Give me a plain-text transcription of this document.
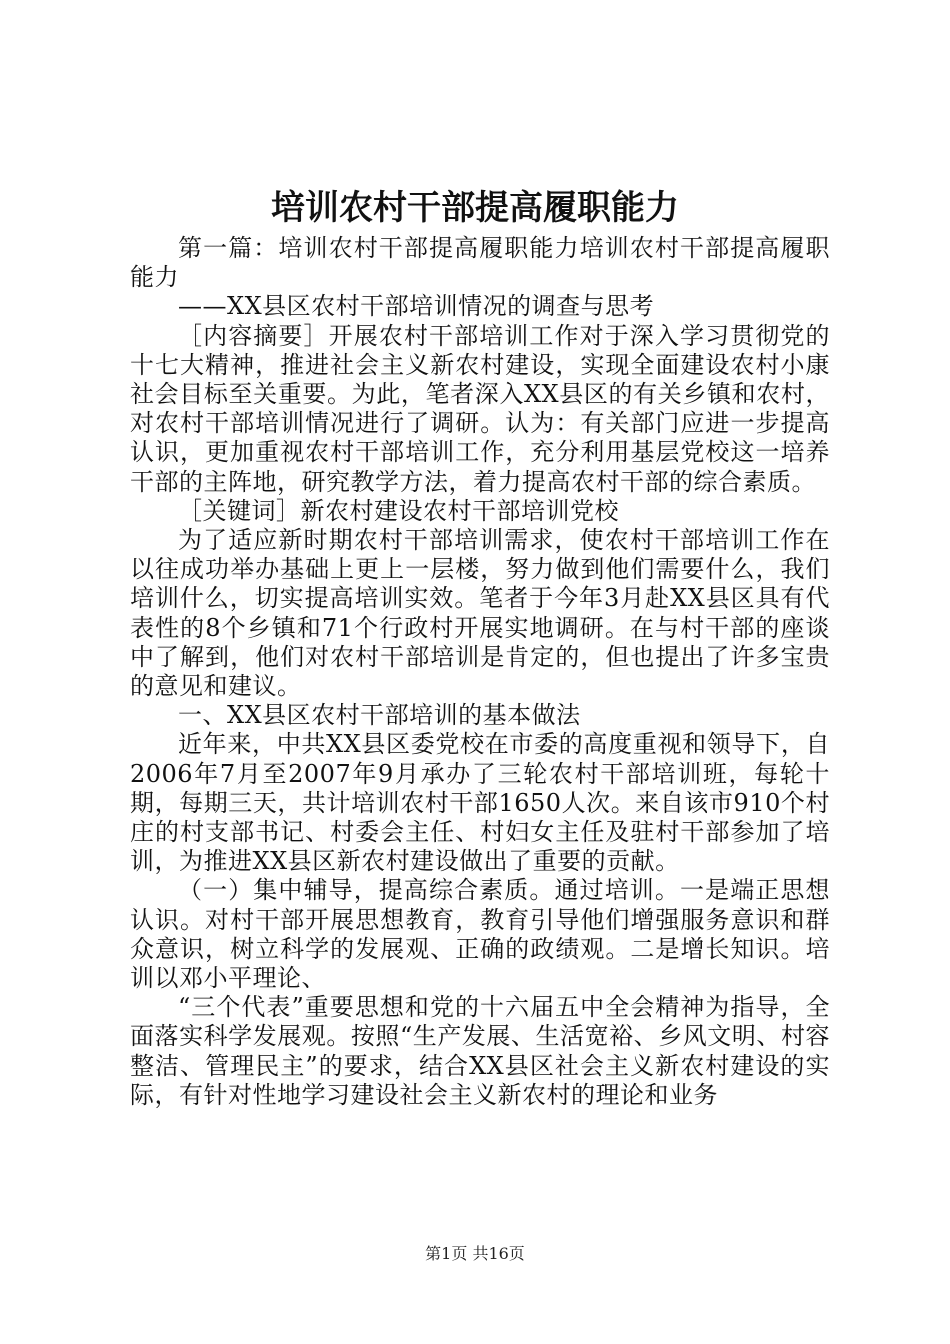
培训农村干部提高履职能力

第一篇：培训农村干部提高履职能力培训农村干部提高履职能力

——XX县区农村干部培训情况的调查与思考

［内容摘要］开展农村干部培训工作对于深入学习贯彻党的十七大精神，推进社会主义新农村建设，实现全面建设农村小康社会目标至关重要。为此，笔者深入XX县区的有关乡镇和农村，对农村干部培训情况进行了调研。认为：有关部门应进一步提高认识，更加重视农村干部培训工作，充分利用基层党校这一培养干部的主阵地，研究教学方法，着力提高农村干部的综合素质。

［关键词］新农村建设农村干部培训党校

为了适应新时期农村干部培训需求，使农村干部培训工作在以往成功举办基础上更上一层楼，努力做到他们需要什么，我们培训什么，切实提高培训实效。笔者于今年3月赴XX县区具有代表性的8个乡镇和71个行政村开展实地调研。在与村干部的座谈中了解到，他们对农村干部培训是肯定的，但也提出了许多宝贵的意见和建议。

一、XX县区农村干部培训的基本做法

近年来，中共XX县区委党校在市委的高度重视和领导下，自2006年7月至2007年9月承办了三轮农村干部培训班，每轮十期，每期三天，共计培训农村干部1650人次。来自该市910个村庄的村支部书记、村委会主任、村妇女主任及驻村干部参加了培训，为推进XX县区新农村建设做出了重要的贡献。

（一）集中辅导，提高综合素质。通过培训。一是端正思想认识。对村干部开展思想教育，教育引导他们增强服务意识和群众意识，树立科学的发展观、正确的政绩观。二是增长知识。培训以邓小平理论、

“三个代表”重要思想和党的十六届五中全会精神为指导，全面落实科学发展观。按照“生产发展、生活宽裕、乡风文明、村容整洁、管理民主”的要求，结合XX县区社会主义新农村建设的实际，有针对性地学习建设社会主义新农村的理论和业务

第1页 共16页
